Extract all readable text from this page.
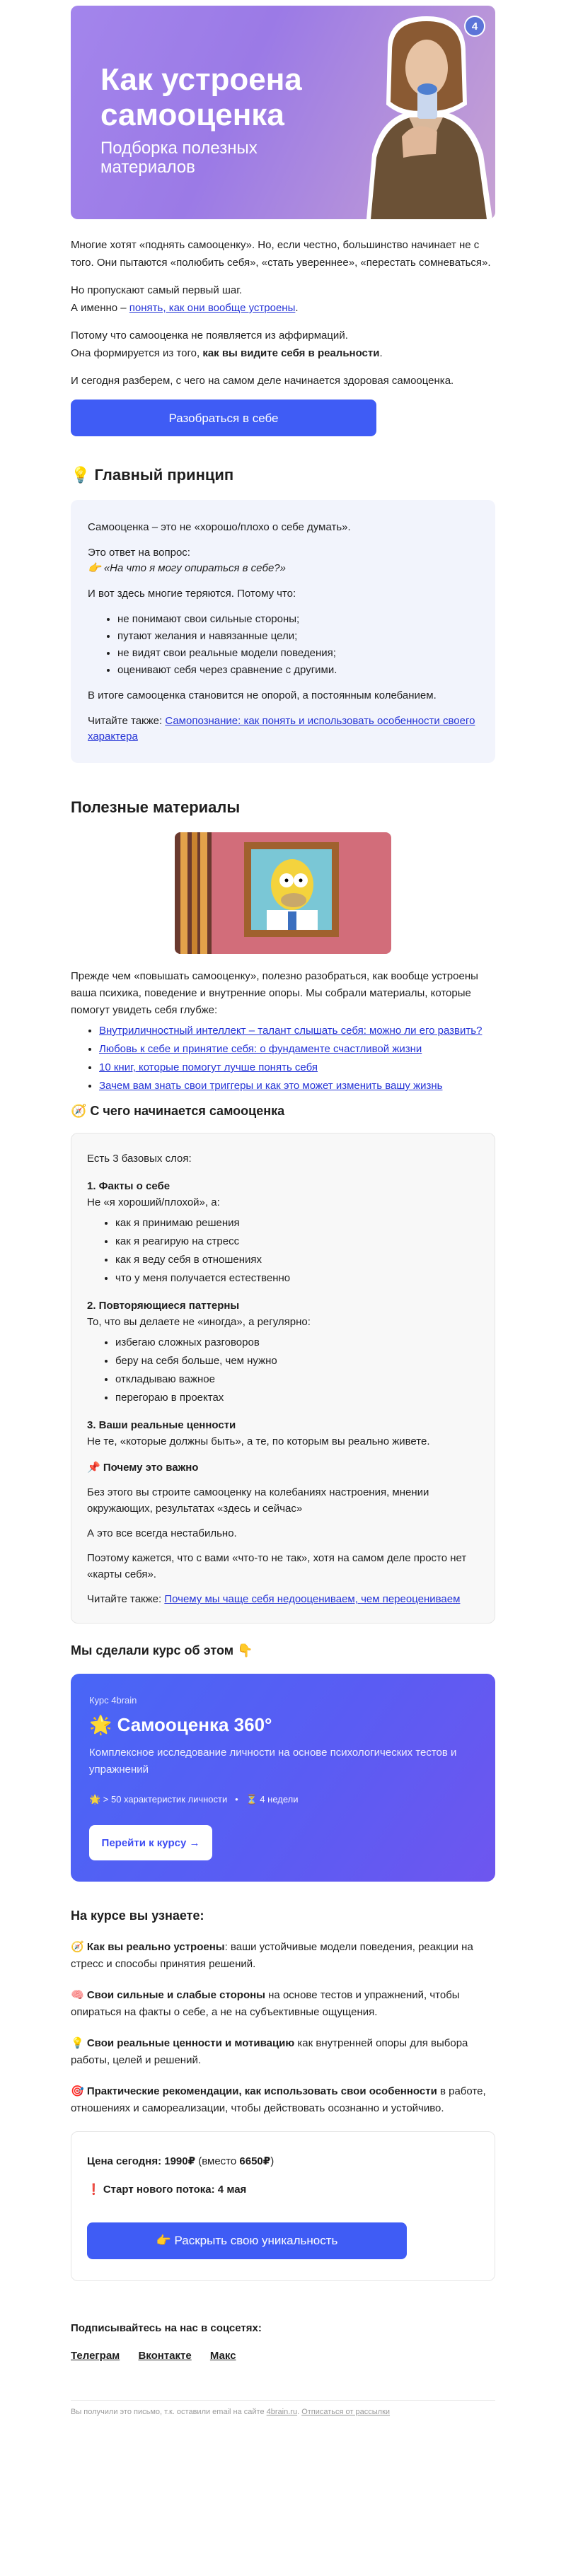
Как устроена
самооценка
Подборка полезных
материалов
4

Многие хотят «поднять самооценку». Но, если честно, большинство начинает не с того. Они пытаются «полюбить себя», «стать увереннее», «перестать сомневаться».

Но пропускают самый первый шаг.
А именно – понять, как они вообще устроены.

Потому что самооценка не появляется из аффирмаций.
Она формируется из того, как вы видите себя в реальности.

И сегодня разберем, с чего на самом деле начинается здоровая самооценка.

Разобраться в себе
💡 Главный принцип

Самооценка – это не «хорошо/плохо о себе думать».

Это ответ на вопрос:
👉 «На что я могу опираться в себе?»

И вот здесь многие теряются. Потому что:

• не понимают свои сильные стороны;
• путают желания и навязанные цели;
• не видят свои реальные модели поведения;
• оценивают себя через сравнение с другими.

В итоге самооценка становится не опорой, а постоянным колебанием.

Читайте также: Самопознание: как понять и использовать особенности своего характера

Полезные материалы

Прежде чем «повышать самооценку», полезно разобраться, как вообще устроены ваша психика, поведение и внутренние опоры. Мы собрали материалы, которые помогут увидеть себя глубже:

• Внутриличностный интеллект – талант слышать себя: можно ли его развить?
• Любовь к себе и принятие себя: о фундаменте счастливой жизни
• 10 книг, которые помогут лучше понять себя
• Зачем вам знать свои триггеры и как это может изменить вашу жизнь
🧭 С чего начинается самооценка

Есть 3 базовых слоя:

1. Факты о себе
Не «я хороший/плохой», а:
• как я принимаю решения
• как я реагирую на стресс
• как я веду себя в отношениях
• что у меня получается естественно
2. Повторяющиеся паттерны
То, что вы делаете не «иногда», а регулярно:
• избегаю сложных разговоров
• беру на себя больше, чем нужно
• откладываю важное
• перегораю в проектах
3. Ваши реальные ценности
Не те, «которые должны быть», а те, по которым вы реально живете.

📌 Почему это важно

Без этого вы строите самооценку на колебаниях настроения, мнении окружающих, результатах «здесь и сейчас»

А это все всегда нестабильно.

Поэтому кажется, что с вами «что-то не так», хотя на самом деле просто нет «карты себя».

Читайте также: Почему мы чаще себя недооцениваем, чем переоцениваем

Мы сделали курс об этом 👇
Курс 4brain
🌟 Самооценка 360°
Комплексное исследование личности на основе психологических тестов и упражнений
🌟 > 50 характеристик личности • ⏳ 4 недели
Перейти к курсу →
На курсе вы узнаете:

🧭 Как вы реально устроены: ваши устойчивые модели поведения, реакции на стресс и способы принятия решений.

🧠 Свои сильные и слабые стороны на основе тестов и упражнений, чтобы опираться на факты о себе, а не на субъективные ощущения.

💡 Свои реальные ценности и мотивацию как внутренней опоры для выбора работы, целей и решений.

🎯 Практические рекомендации, как использовать свои особенности в работе, отношениях и самореализации, чтобы действовать осознанно и устойчиво.

Цена сегодня: 1990₽ (вместо 6650₽)
❗ Старт нового потока: 4 мая
👉 Раскрыть свою уникальность
Подписывайтесь на нас в соцсетях:
Телеграм Вконтакте Макс
Вы получили это письмо, т.к. оставили email на сайте 4brain.ru. Отписаться от рассылки
